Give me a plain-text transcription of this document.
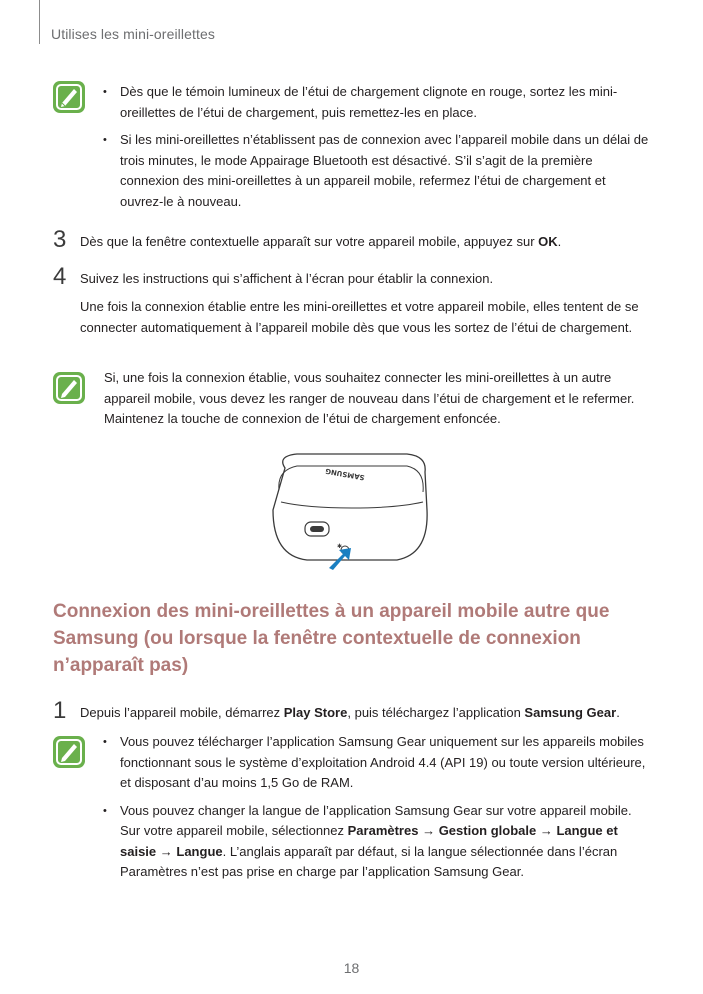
Utilises les mini-oreillettes
• Dès que le témoin lumineux de l’étui de chargement clignote en rouge, sortez les mini-oreillettes de l’étui de chargement, puis remettez-les en place.
• Si les mini-oreillettes n’établissent pas de connexion avec l’appareil mobile dans un délai de trois minutes, le mode Appairage Bluetooth est désactivé. S’il s’agit de la première connexion des mini-oreillettes à un appareil mobile, refermez l’étui de chargement et ouvrez-le à nouveau.
3 Dès que la fenêtre contextuelle apparaît sur votre appareil mobile, appuyez sur OK.
4 Suivez les instructions qui s’affichent à l’écran pour établir la connexion.
Une fois la connexion établie entre les mini-oreillettes et votre appareil mobile, elles tentent de se connecter automatiquement à l’appareil mobile dès que vous les sortez de l’étui de chargement.
Si, une fois la connexion établie, vous souhaitez connecter les mini-oreillettes à un autre appareil mobile, vous devez les ranger de nouveau dans l’étui de chargement et le refermer. Maintenez la touche de connexion de l’étui de chargement enfoncée.
SAMSUNG
✱
Connexion des mini-oreillettes à un appareil mobile autre que Samsung (ou lorsque la fenêtre contextuelle de connexion n’apparaît pas)
1 Depuis l’appareil mobile, démarrez Play Store, puis téléchargez l’application Samsung Gear.
• Vous pouvez télécharger l’application Samsung Gear uniquement sur les appareils mobiles fonctionnant sous le système d’exploitation Android 4.4 (API 19) ou toute version ultérieure, et disposant d’au moins 1,5 Go de RAM.
• Vous pouvez changer la langue de l’application Samsung Gear sur votre appareil mobile. Sur votre appareil mobile, sélectionnez Paramètres → Gestion globale → Langue et saisie → Langue. L’anglais apparaît par défaut, si la langue sélectionnée dans l’écran Paramètres n’est pas prise en charge par l’application Samsung Gear.
18
